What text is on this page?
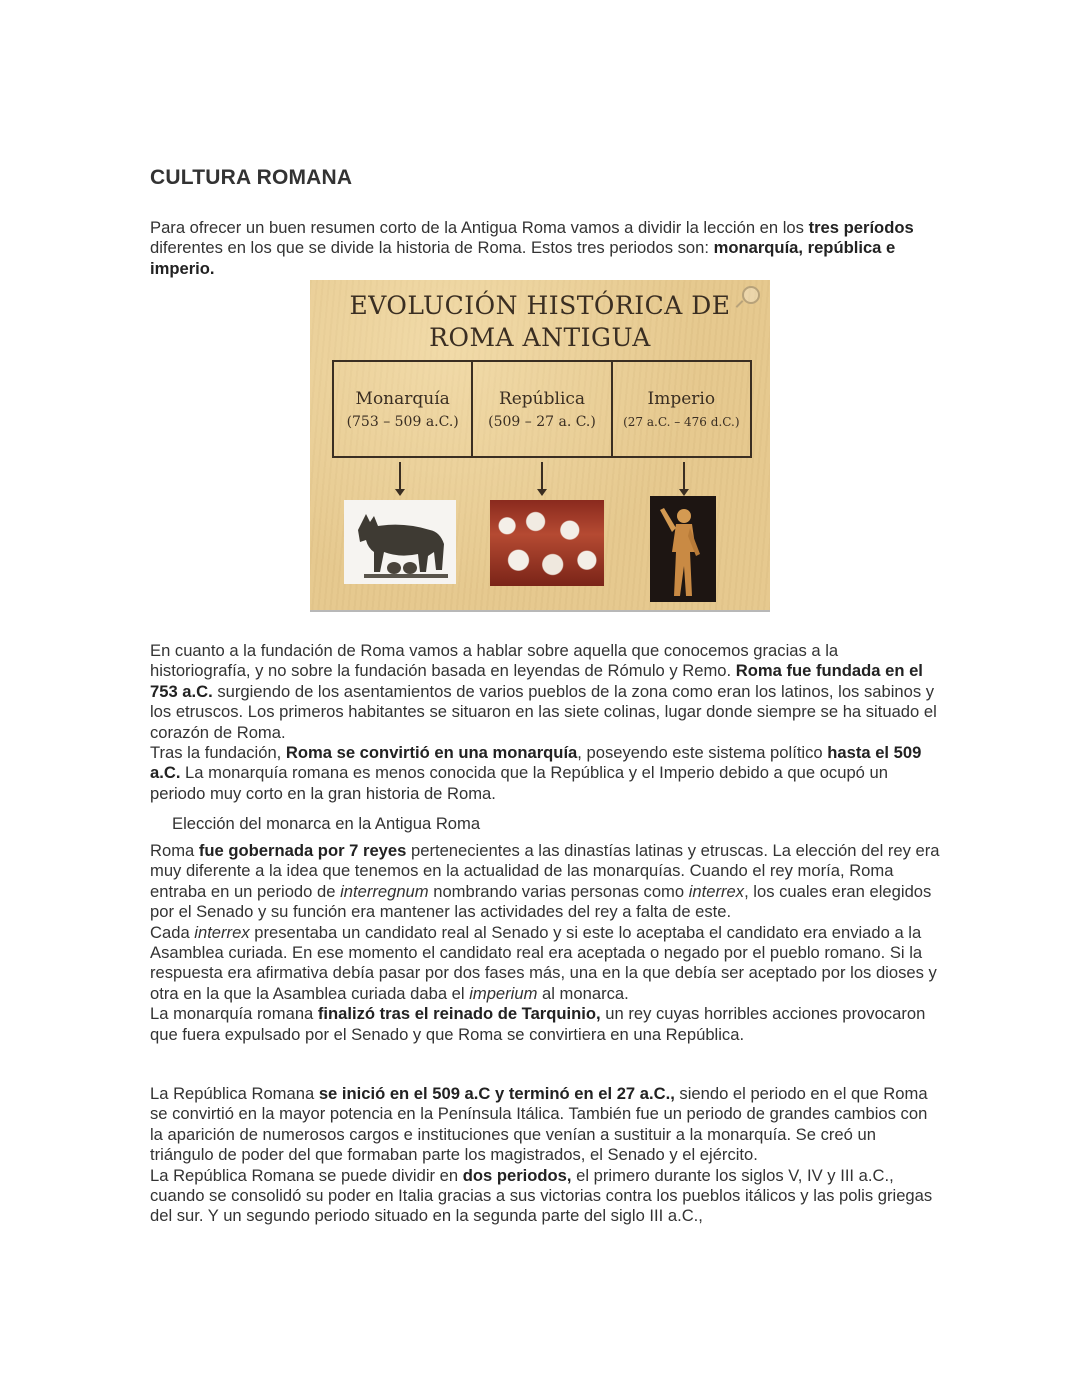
CULTURA ROMANA

Para ofrecer un buen resumen corto de la Antigua Roma vamos a dividir la lección en los tres períodos diferentes en los que se divide la historia de Roma. Estos tres periodos son: monarquía, república e imperio.

EVOLUCIÓN HISTÓRICA DE
ROMA ANTIGUA
Monarquía
(753 – 509 a.C.)
República
(509 – 27 a. C.)
Imperio
(27 a.C. – 476 d.C.)

En cuanto a la fundación de Roma vamos a hablar sobre aquella que conocemos gracias a la historiografía, y no sobre la fundación basada en leyendas de Rómulo y Remo. Roma fue fundada en el 753 a.C. surgiendo de los asentamientos de varios pueblos de la zona como eran los latinos, los sabinos y los etruscos. Los primeros habitantes se situaron en las siete colinas, lugar donde siempre se ha situado el corazón de Roma.
Tras la fundación, Roma se convirtió en una monarquía, poseyendo este sistema político hasta el 509 a.C. La monarquía romana es menos conocida que la República y el Imperio debido a que ocupó un periodo muy corto en la gran historia de Roma.

Elección del monarca en la Antigua Roma

Roma fue gobernada por 7 reyes pertenecientes a las dinastías latinas y etruscas. La elección del rey era muy diferente a la idea que tenemos en la actualidad de las monarquías. Cuando el rey moría, Roma entraba en un periodo de interregnum nombrando varias personas como interrex, los cuales eran elegidos por el Senado y su función era mantener las actividades del rey a falta de este.
Cada interrex presentaba un candidato real al Senado y si este lo aceptaba el candidato era enviado a la Asamblea curiada. En ese momento el candidato real era aceptada o negado por el pueblo romano. Si la respuesta era afirmativa debía pasar por dos fases más, una en la que debía ser aceptado por los dioses y otra en la que la Asamblea curiada daba el imperium al monarca.
La monarquía romana finalizó tras el reinado de Tarquinio, un rey cuyas horribles acciones provocaron que fuera expulsado por el Senado y que Roma se convirtiera en una República.

La República Romana se inició en el 509 a.C y terminó en el 27 a.C., siendo el periodo en el que Roma se convirtió en la mayor potencia en la Península Itálica. También fue un periodo de grandes cambios con la aparición de numerosos cargos e instituciones que venían a sustituir a la monarquía. Se creó un triángulo de poder del que formaban parte los magistrados, el Senado y el ejército.
La República Romana se puede dividir en dos periodos, el primero durante los siglos V, IV y III a.C., cuando se consolidó su poder en Italia gracias a sus victorias contra los pueblos itálicos y las polis griegas del sur. Y un segundo periodo situado en la segunda parte del siglo III a.C.,
